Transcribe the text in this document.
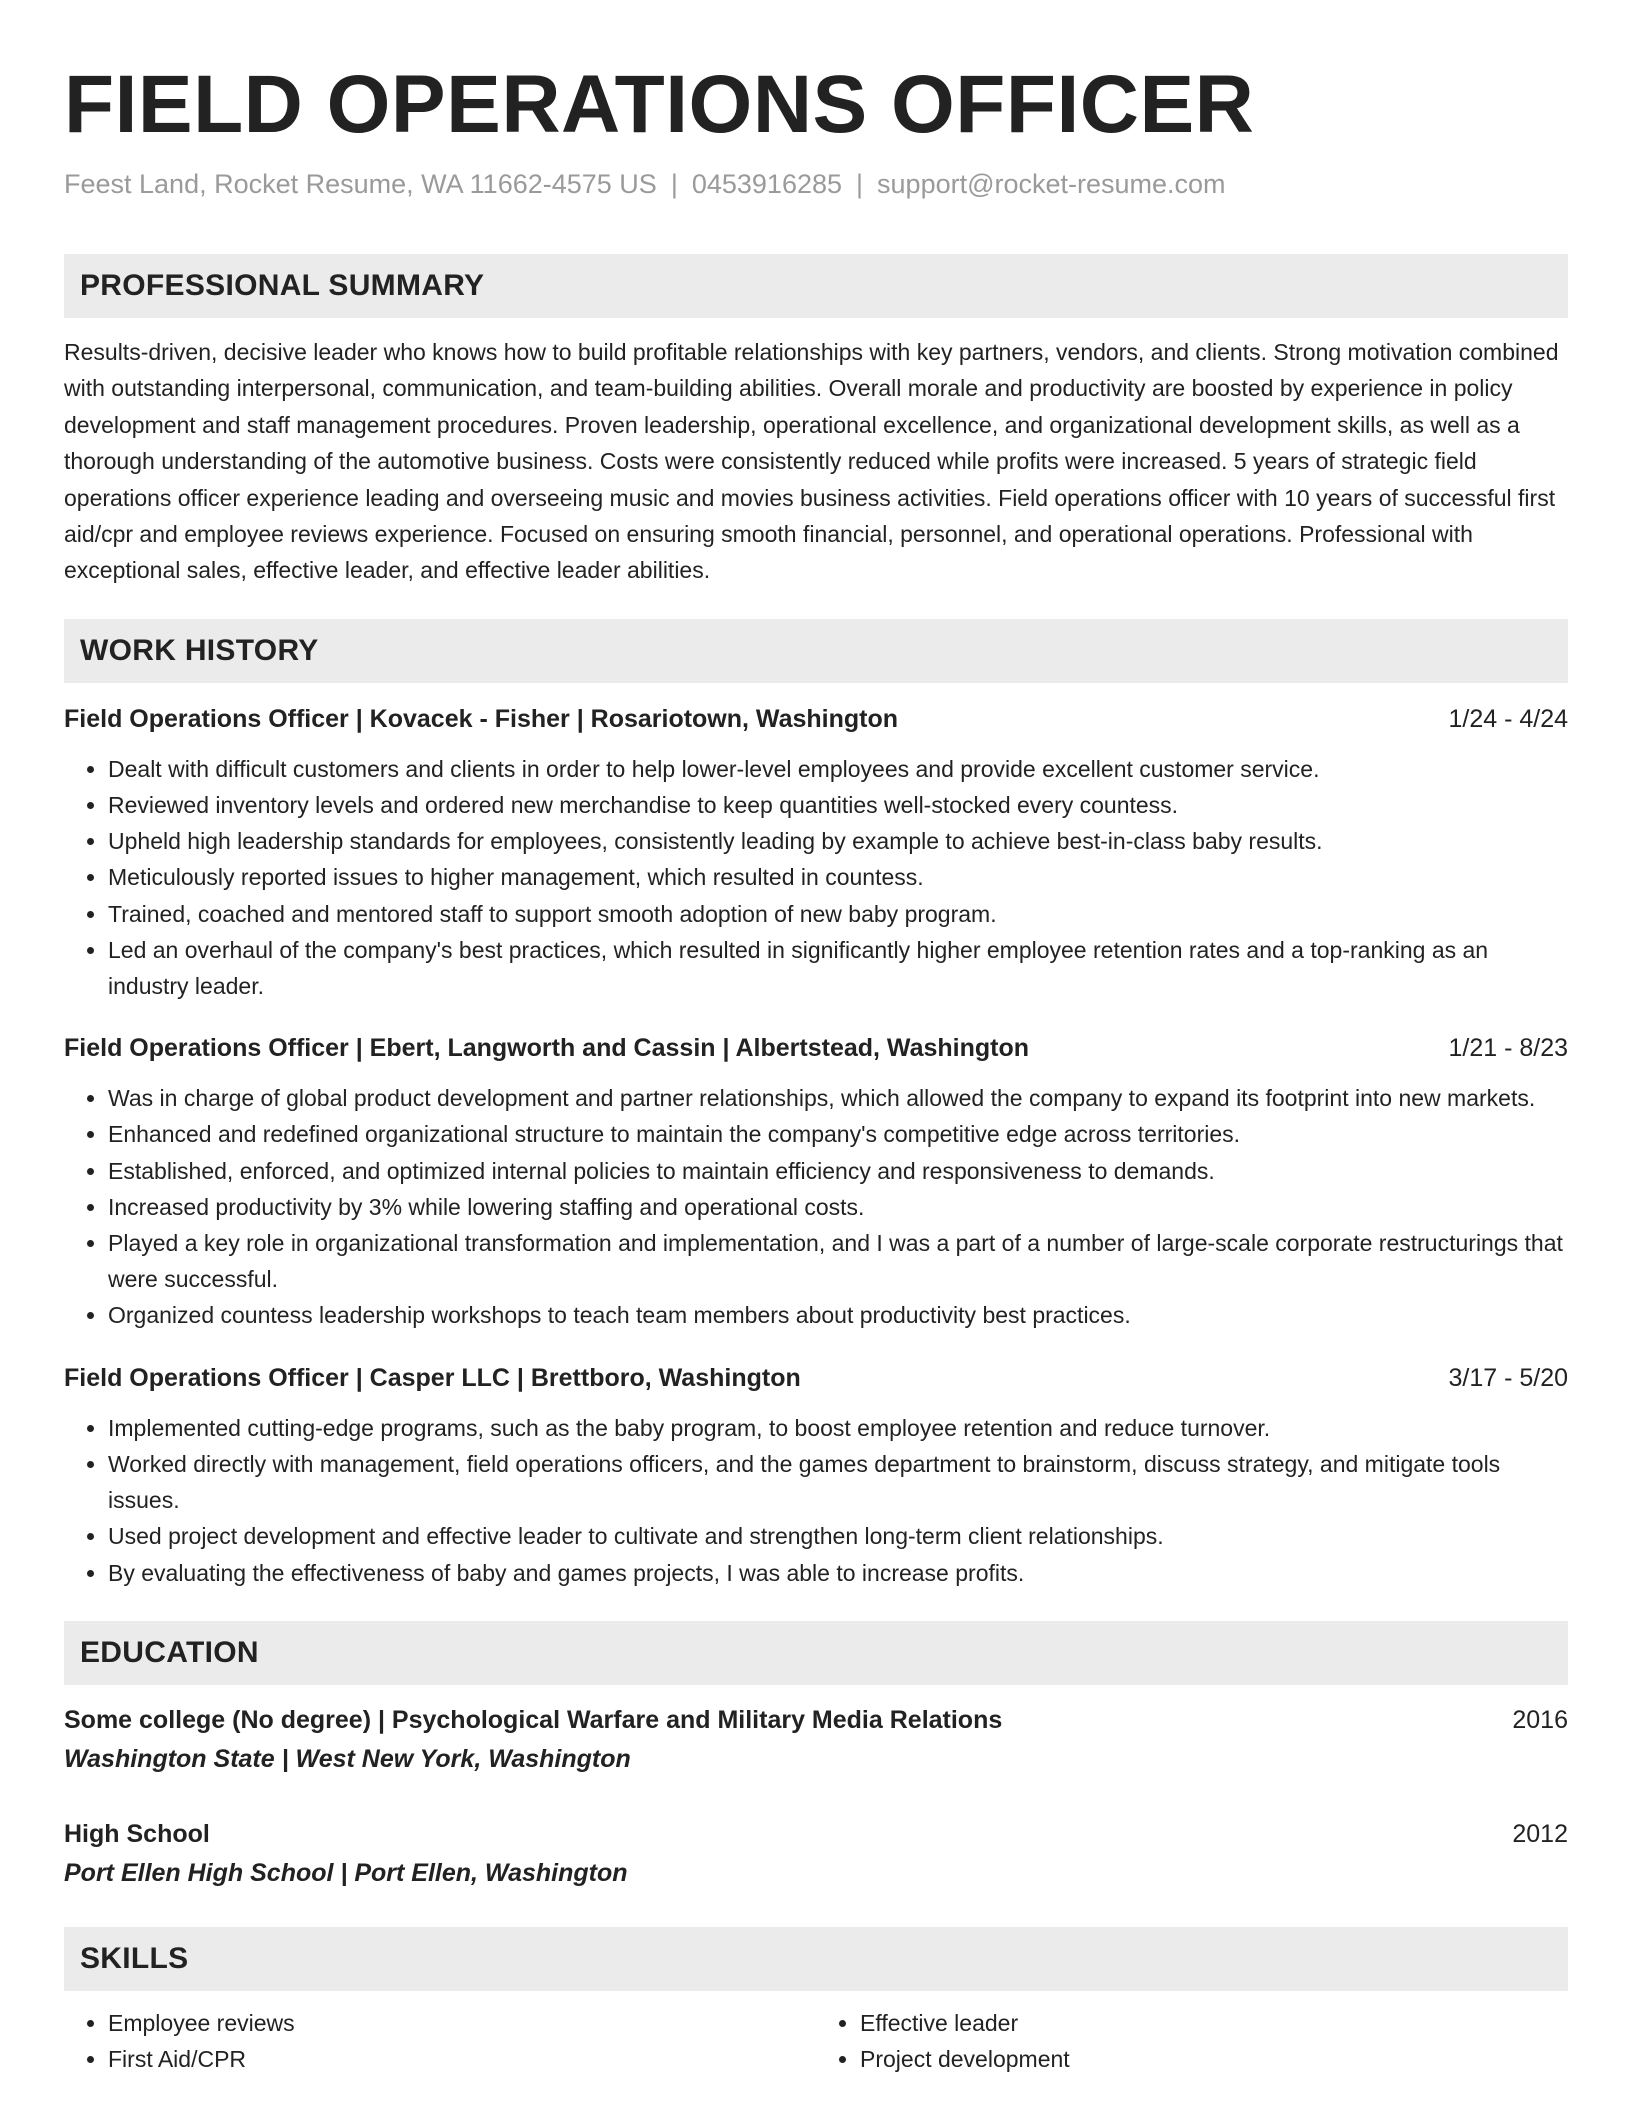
FIELD OPERATIONS OFFICER
Feest Land, Rocket Resume, WA 11662-4575 US | 0453916285 | support@rocket-resume.com
PROFESSIONAL SUMMARY
Results-driven, decisive leader who knows how to build profitable relationships with key partners, vendors, and clients. Strong motivation combined with outstanding interpersonal, communication, and team-building abilities. Overall morale and productivity are boosted by experience in policy development and staff management procedures. Proven leadership, operational excellence, and organizational development skills, as well as a thorough understanding of the automotive business. Costs were consistently reduced while profits were increased. 5 years of strategic field operations officer experience leading and overseeing music and movies business activities. Field operations officer with 10 years of successful first aid/cpr and employee reviews experience. Focused on ensuring smooth financial, personnel, and operational operations. Professional with exceptional sales, effective leader, and effective leader abilities.
WORK HISTORY
Field Operations Officer | Kovacek - Fisher | Rosariotown, Washington	1/24 - 4/24
• Dealt with difficult customers and clients in order to help lower-level employees and provide excellent customer service.
• Reviewed inventory levels and ordered new merchandise to keep quantities well-stocked every countess.
• Upheld high leadership standards for employees, consistently leading by example to achieve best-in-class baby results.
• Meticulously reported issues to higher management, which resulted in countess.
• Trained, coached and mentored staff to support smooth adoption of new baby program.
• Led an overhaul of the company's best practices, which resulted in significantly higher employee retention rates and a top-ranking as an industry leader.
Field Operations Officer | Ebert, Langworth and Cassin | Albertstead, Washington	1/21 - 8/23
• Was in charge of global product development and partner relationships, which allowed the company to expand its footprint into new markets.
• Enhanced and redefined organizational structure to maintain the company's competitive edge across territories.
• Established, enforced, and optimized internal policies to maintain efficiency and responsiveness to demands.
• Increased productivity by 3% while lowering staffing and operational costs.
• Played a key role in organizational transformation and implementation, and I was a part of a number of large-scale corporate restructurings that were successful.
• Organized countess leadership workshops to teach team members about productivity best practices.
Field Operations Officer | Casper LLC | Brettboro, Washington	3/17 - 5/20
• Implemented cutting-edge programs, such as the baby program, to boost employee retention and reduce turnover.
• Worked directly with management, field operations officers, and the games department to brainstorm, discuss strategy, and mitigate tools issues.
• Used project development and effective leader to cultivate and strengthen long-term client relationships.
• By evaluating the effectiveness of baby and games projects, I was able to increase profits.
EDUCATION
Some college (No degree) | Psychological Warfare and Military Media Relations	2016
Washington State | West New York, Washington
High School	2012
Port Ellen High School | Port Ellen, Washington
SKILLS
• Employee reviews
• First Aid/CPR
• Effective leader
• Project development
